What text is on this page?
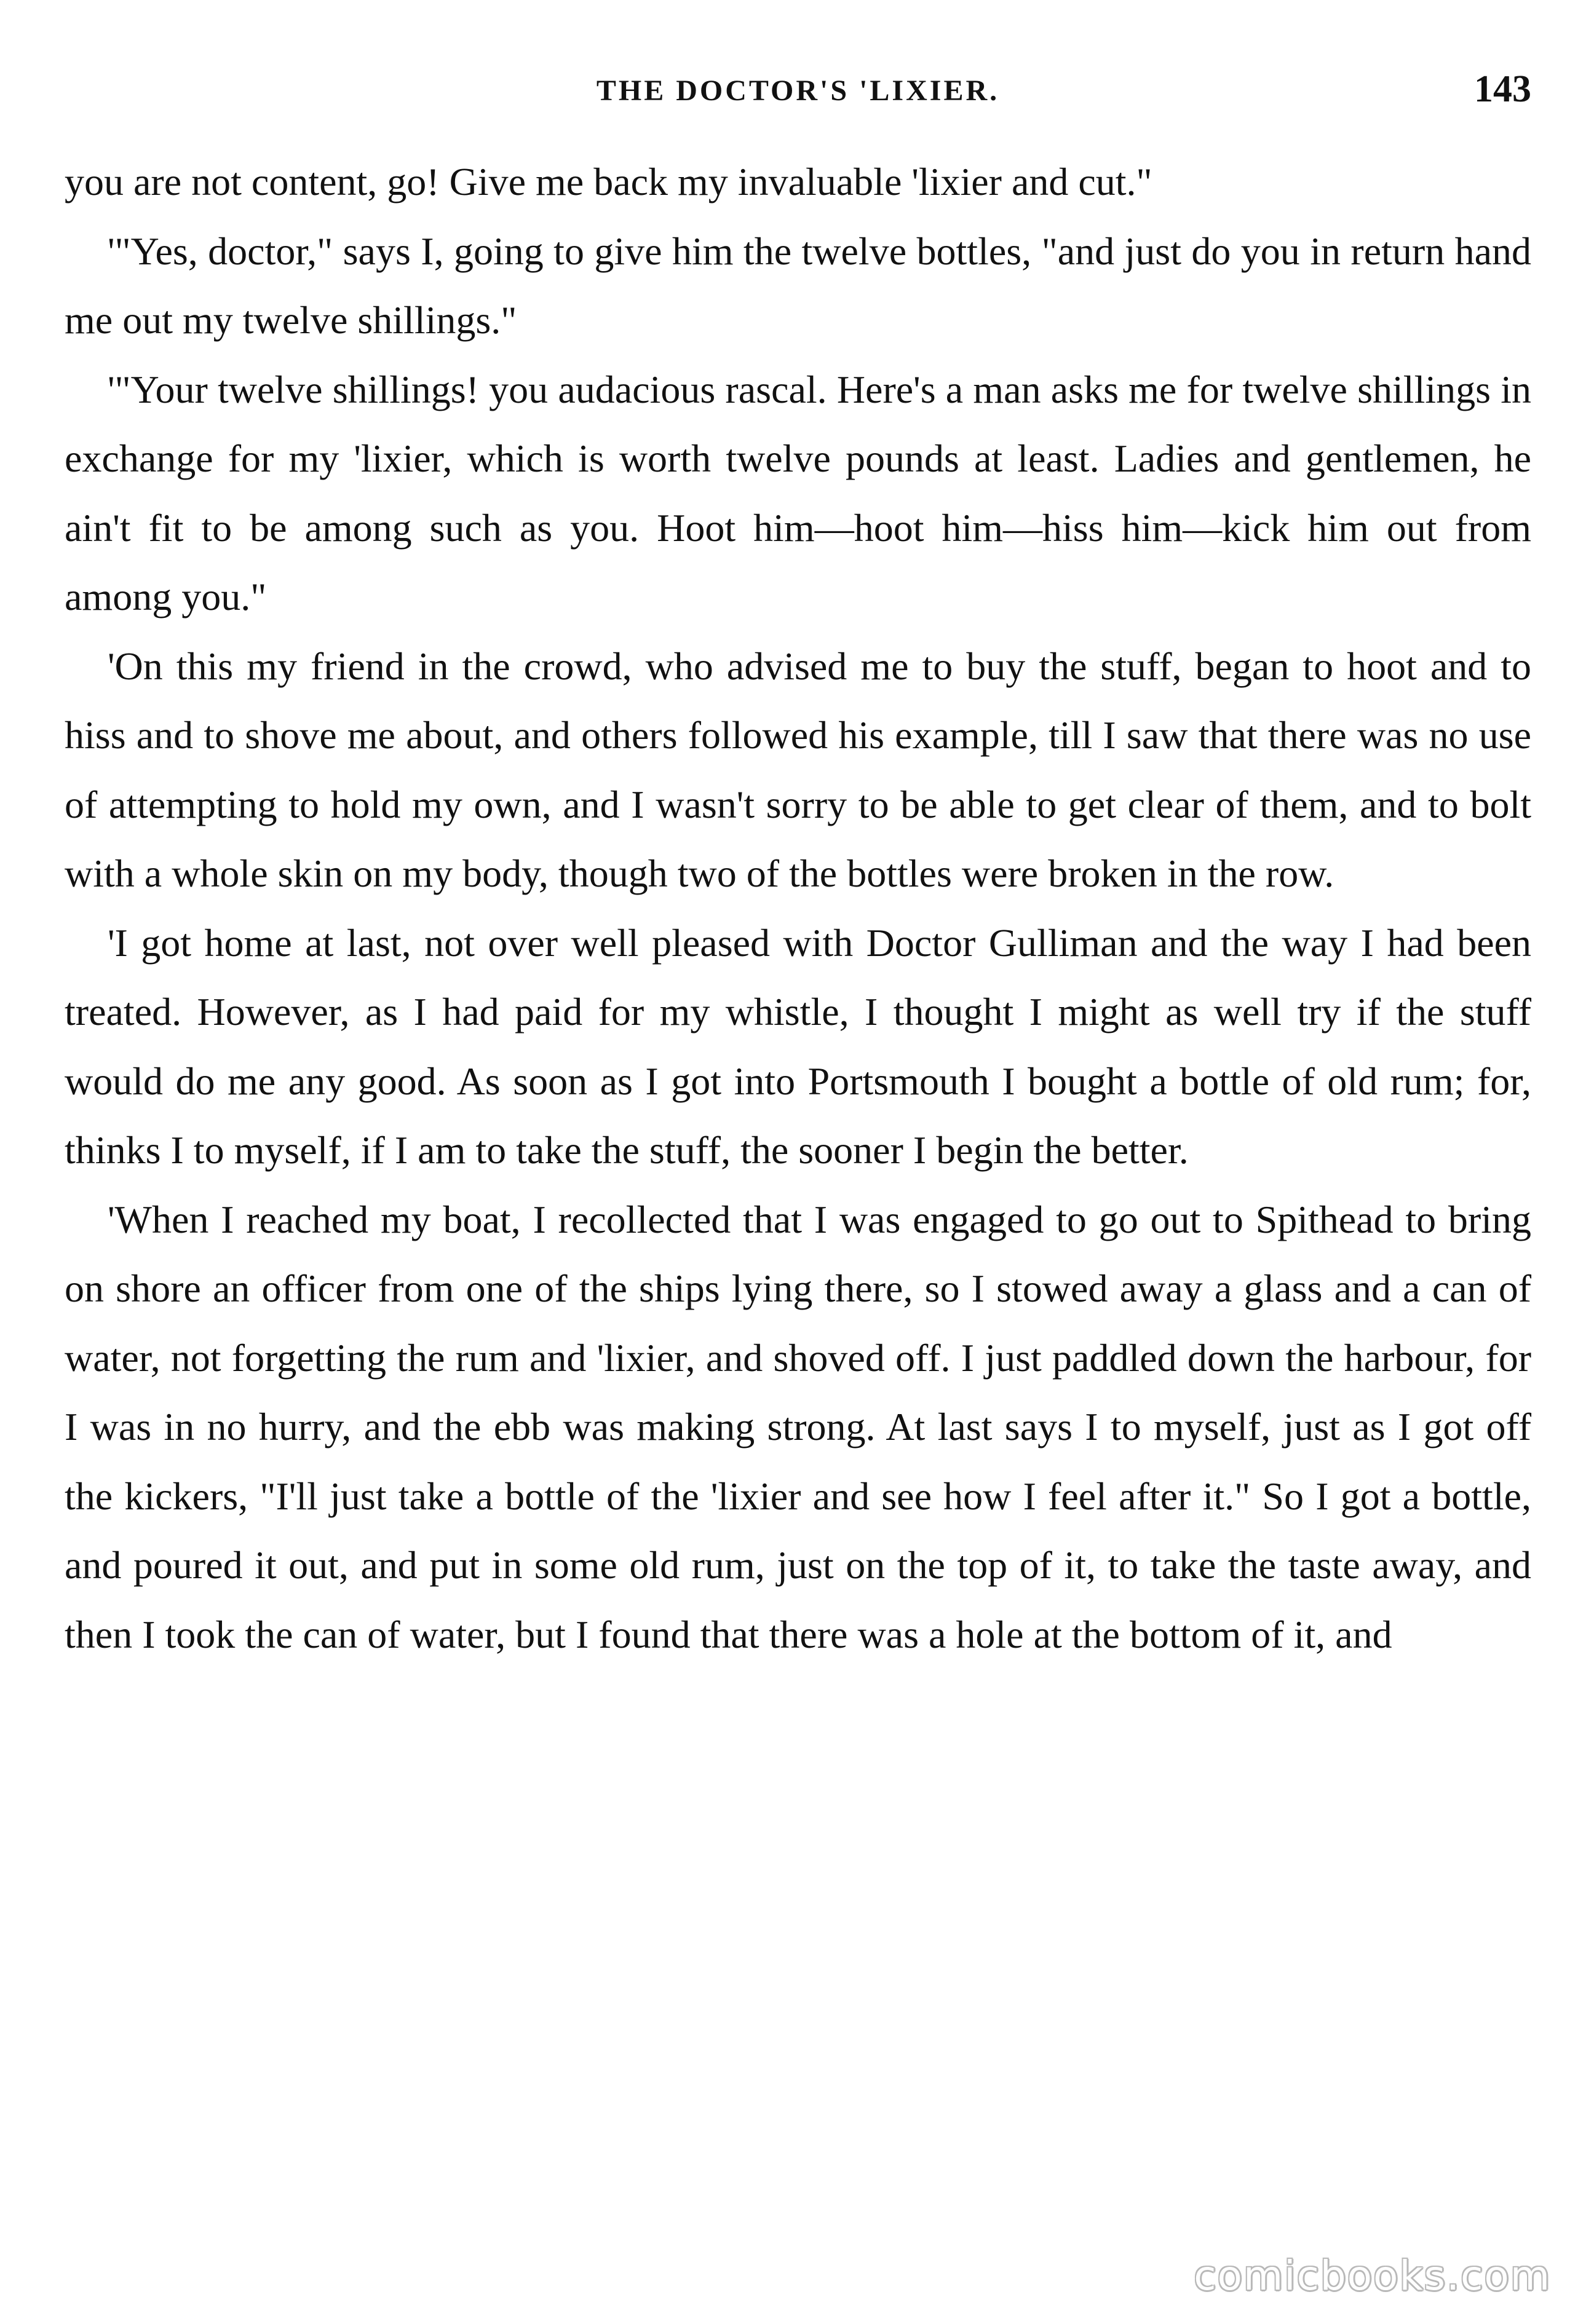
THE DOCTOR'S 'LIXIER.	143

you are not content, go! Give me back my invaluable 'lixier and cut."

'"Yes, doctor," says I, going to give him the twelve bottles, "and just do you in return hand me out my twelve shillings."

'"Your twelve shillings! you audacious rascal. Here's a man asks me for twelve shillings in exchange for my 'lixier, which is worth twelve pounds at least. Ladies and gentlemen, he ain't fit to be among such as you. Hoot him—hoot him—hiss him—kick him out from among you."

'On this my friend in the crowd, who advised me to buy the stuff, began to hoot and to hiss and to shove me about, and others followed his example, till I saw that there was no use of attempting to hold my own, and I wasn't sorry to be able to get clear of them, and to bolt with a whole skin on my body, though two of the bottles were broken in the row.

'I got home at last, not over well pleased with Doctor Gulliman and the way I had been treated. However, as I had paid for my whistle, I thought I might as well try if the stuff would do me any good. As soon as I got into Portsmouth I bought a bottle of old rum; for, thinks I to myself, if I am to take the stuff, the sooner I begin the better.

'When I reached my boat, I recollected that I was engaged to go out to Spithead to bring on shore an officer from one of the ships lying there, so I stowed away a glass and a can of water, not forgetting the rum and 'lixier, and shoved off. I just paddled down the harbour, for I was in no hurry, and the ebb was making strong. At last says I to myself, just as I got off the kickers, "I'll just take a bottle of the 'lixier and see how I feel after it." So I got a bottle, and poured it out, and put in some old rum, just on the top of it, to take the taste away, and then I took the can of water, but I found that there was a hole at the bottom of it, and

comicbooks.com
